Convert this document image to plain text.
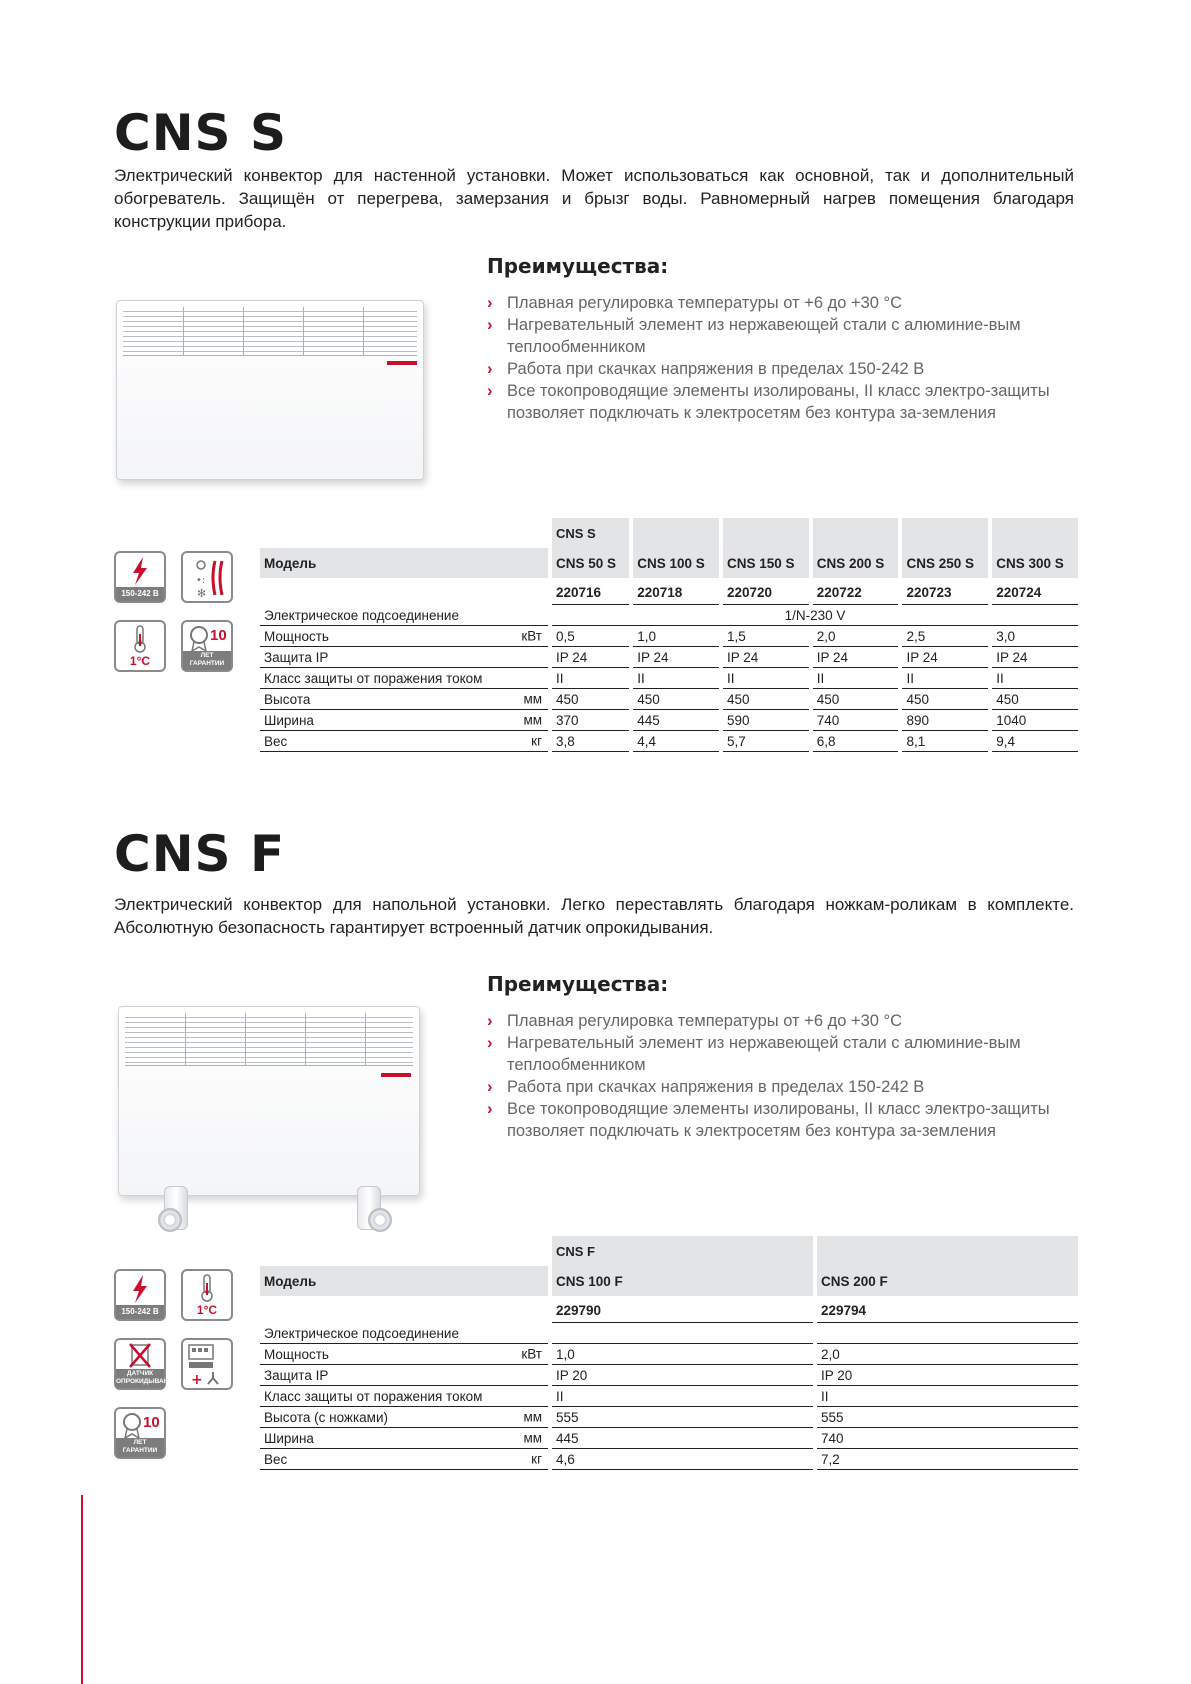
CNS S

Электрический конвектор для настенной установки. Может использоваться как основной, так и дополнительный обогреватель. Защищён от перегрева, замерзания и брызг воды. Равномерный нагрев помещения благодаря конструкции прибора.

Преимущества:
› Плавная регулировка температуры от +6 до +30 °C
› Нагревательный элемент из нержавеющей стали с алюминие-вым теплообменником
› Работа при скачках напряжения в пределах 150-242 В
› Все токопроводящие элементы изолированы, II класс электро-защиты позволяет подключать к электросетям без контура за-земления
150-242 В
•:
✻
1°C
10
ЛЕТ
ГАРАНТИИ
	CNS S					
Модель	CNS 50 S	CNS 100 S	CNS 150 S	CNS 200 S	CNS 250 S	CNS 300 S
	220716	220718	220720	220722	220723	220724
Электрическое подсоединение	1/N-230 V					
Мощность кВт	0,5	1,0	1,5	2,0	2,5	3,0
Защита IP	IP 24	IP 24	IP 24	IP 24	IP 24	IP 24
Класс защиты от поражения током	II	II	II	II	II	II
Высота мм	450	450	450	450	450	450
Ширина мм	370	445	590	740	890	1040
Вес кг	3,8	4,4	5,7	6,8	8,1	9,4
CNS F

Электрический конвектор для напольной установки. Легко переставлять благодаря ножкам-роликам в комплекте. Абсолютную безопасность гарантирует встроенный датчик опрокидывания.

Преимущества:
› Плавная регулировка температуры от +6 до +30 °C
› Нагревательный элемент из нержавеющей стали с алюминие-вым теплообменником
› Работа при скачках напряжения в пределах 150-242 В
› Все токопроводящие элементы изолированы, II класс электро-защиты позволяет подключать к электросетям без контура за-земления
150-242 В	1°C
ДАТЧИК
ОПРОКИДЫВАНИЯ +
10
ЛЕТ
ГАРАНТИИ
	CNS F	
Модель	CNS 100 F	CNS 200 F
	229790	229794
Электрическое подсоединение		
Мощность кВт	1,0	2,0
Защита IP	IP 20	IP 20
Класс защиты от поражения током	II	II
Высота (с ножками) мм	555	555
Ширина мм	445	740
Вес кг	4,6	7,2
